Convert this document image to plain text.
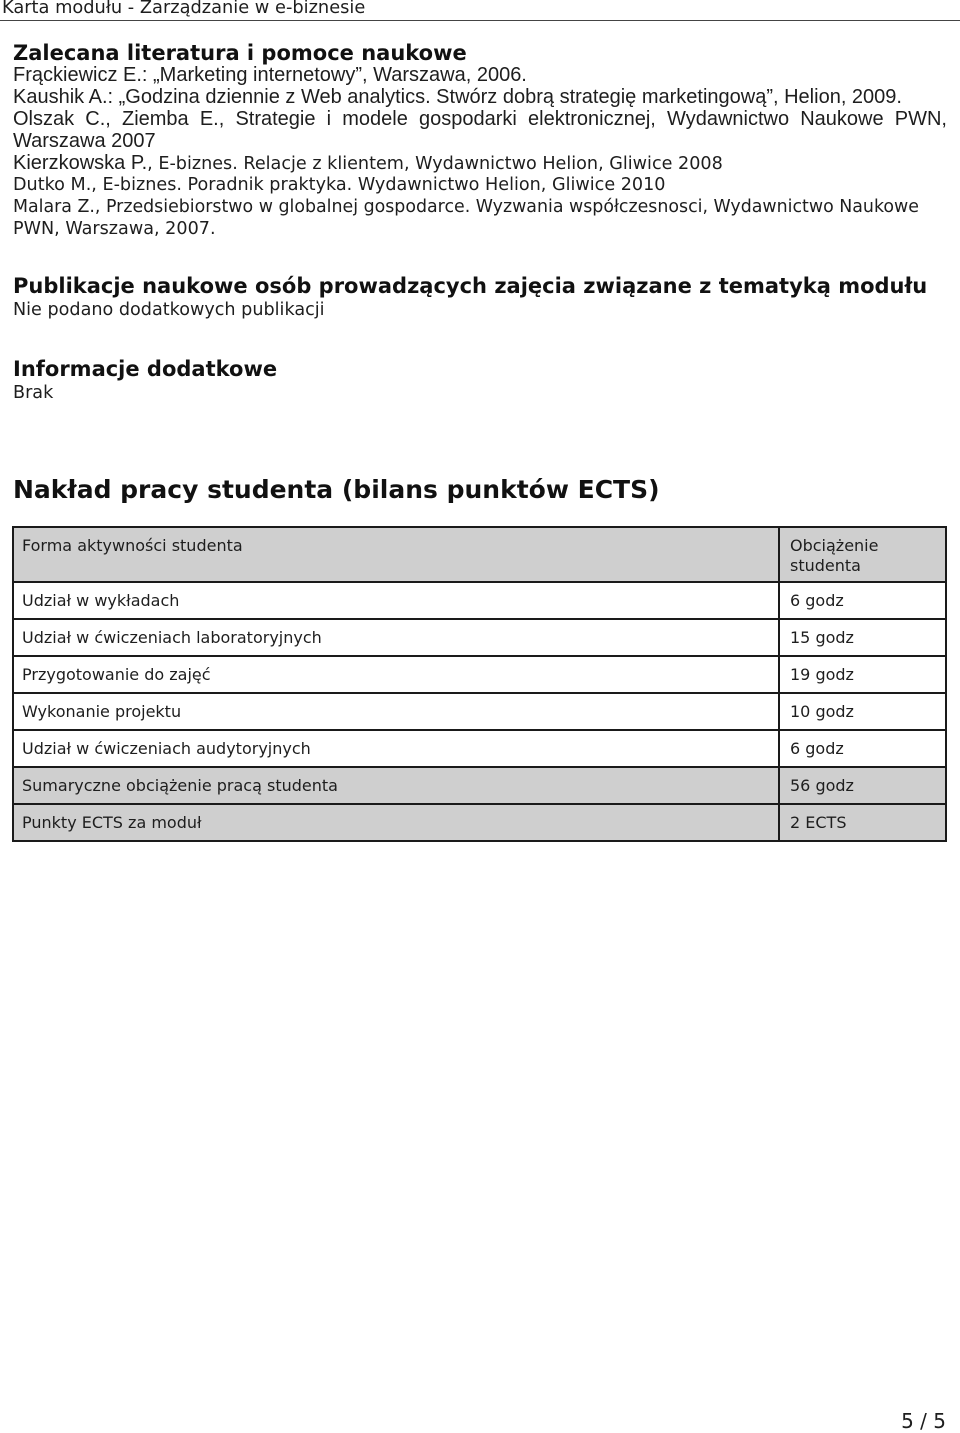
Karta modułu - Zarządzanie w e-biznesie
Zalecana literatura i pomoce naukowe
Frąckiewicz E.: „Marketing internetowy”, Warszawa, 2006.
Kaushik A.: „Godzina dziennie z Web analytics. Stwórz dobrą strategię marketingową”, Helion, 2009.
Olszak C., Ziemba E., Strategie i modele gospodarki elektronicznej, Wydawnictwo Naukowe PWN,
Warszawa 2007
Kierzkowska P., E-biznes. Relacje z klientem, Wydawnictwo Helion, Gliwice 2008
Dutko M., E-biznes. Poradnik praktyka. Wydawnictwo Helion, Gliwice 2010
Malara Z., Przedsiebiorstwo w globalnej gospodarce. Wyzwania współczesnosci, Wydawnictwo Naukowe
PWN, Warszawa, 2007.
Publikacje naukowe osób prowadzących zajęcia związane z tematyką modułu
Nie podano dodatkowych publikacji
Informacje dodatkowe
Brak
Nakład pracy studenta (bilans punktów ECTS)
Forma aktywności studenta	Obciążenie studenta
Udział w wykładach	6 godz
Udział w ćwiczeniach laboratoryjnych	15 godz
Przygotowanie do zajęć	19 godz
Wykonanie projektu	10 godz
Udział w ćwiczeniach audytoryjnych	6 godz
Sumaryczne obciążenie pracą studenta	56 godz
Punkty ECTS za moduł	2 ECTS
5 / 5
